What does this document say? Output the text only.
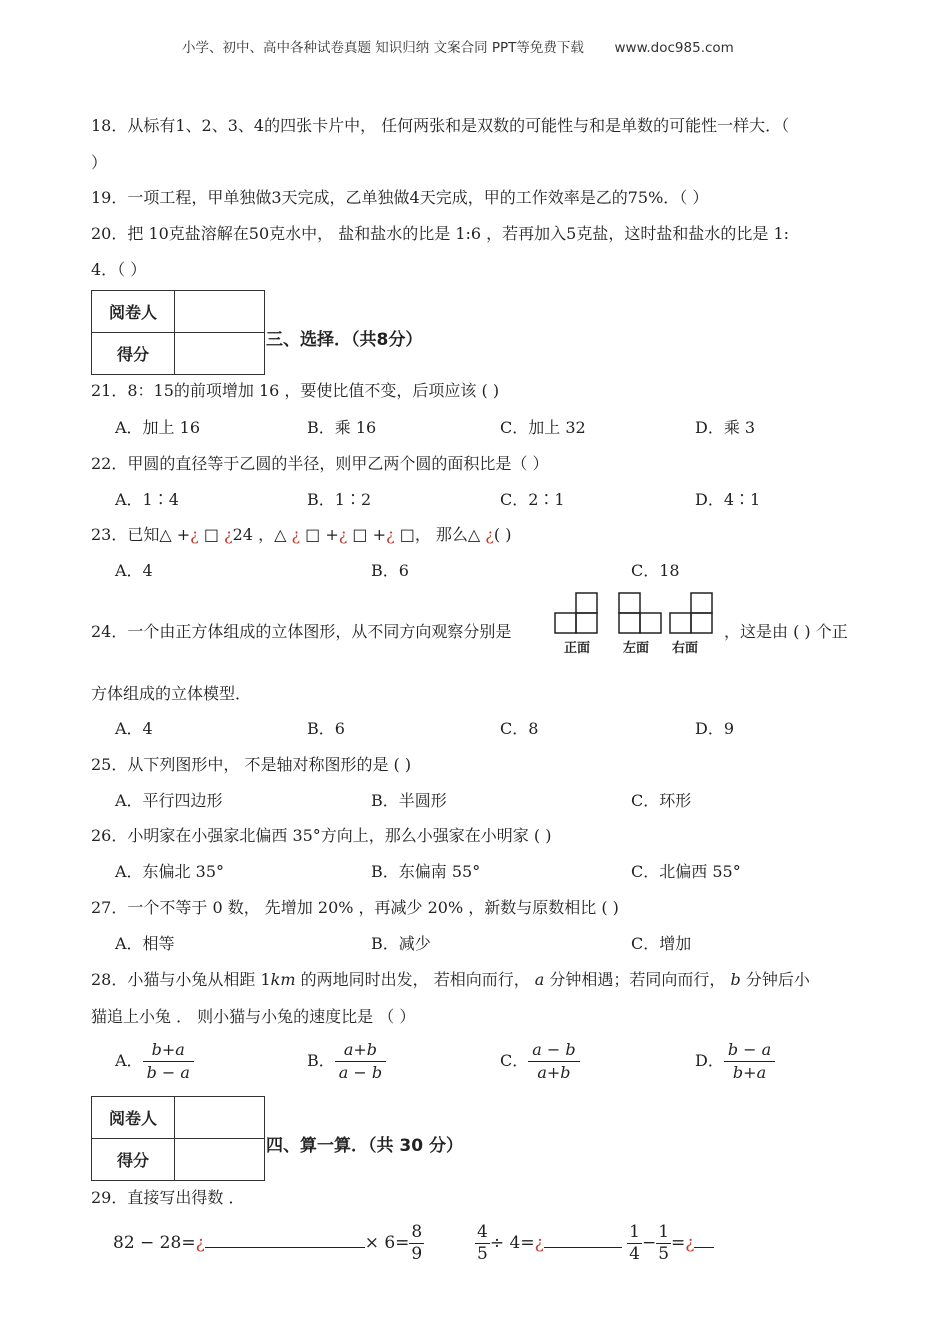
小学、初中、高中各种试卷真题 知识归纳 文案合同 PPT等免费下载 www.doc985.com
18．从标有1、2、3、4的四张卡片中， 任何两张和是双数的可能性与和是单数的可能性一样大．（
）
19．一项工程，甲单独做3天完成，乙单独做4天完成，甲的工作效率是乙的75%．（ ）
20．把 10克盐溶解在50克水中， 盐和盐水的比是 1:6 ，若再加入5克盐，这时盐和盐水的比是 1:
4．（ ）
阅卷人	
得分	
三、选择．（共8分）
21．8：15的前项增加 16 ，要使比值不变，后项应该 ( )
A．加上 16	B．乘 16	C．加上 32	D．乘 3
22．甲圆的直径等于乙圆的半径，则甲乙两个圆的面积比是（ ）
A．1∶4	B．1∶2	C．2∶1	D．4∶1
23．已知△ +¿ □ ¿24 ，△ ¿ □ +¿ □ +¿ □， 那么△ ¿( )
A．4	B．6	C．18
24．一个由正方体组成的立体图形，从不同方向观察分别是
正面	左面 右面
，这是由 ( ) 个正
方体组成的立体模型．
A．4	B．6	C．8	D．9
25．从下列图形中， 不是轴对称图形的是 ( )
A．平行四边形	B．半圆形	C．环形
26．小明家在小强家北偏西 35°方向上，那么小强家在小明家 ( )
A．东偏北 35°	B．东偏南 55°	C．北偏西 55°
27．一个不等于 0 数， 先增加 20% ，再减少 20% ，新数与原数相比 ( )
A．相等	B．减少	C．增加
28．小猫与小兔从相距 1km 的两地同时出发， 若相向而行， a 分钟相遇；若同向而行， b 分钟后小
猫追上小兔 ． 则小猫与小兔的速度比是 （ ）
A． $\frac{b+a}{b - a}$	B． $\frac{a+b}{a - b}$	C． $\frac{a - b}{a+b}$	D． $\frac{b - a}{b+a}$
阅卷人	
得分	
四、算一算．（共 30 分）
29．直接写出得数 ．
82 − 28=¿	× $6= \frac{8}{9}$
	$\frac{4}{5}$ ÷ 4=¿	$\frac{1}{4} - \frac{1}{5}$ =¿
